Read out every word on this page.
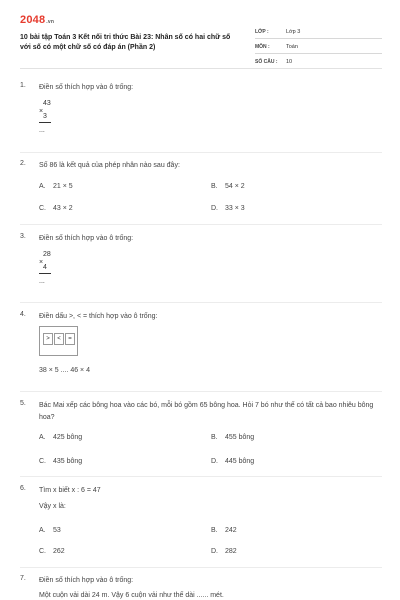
2048.vn
10 bài tập Toán 3 Kết nối tri thức Bài 23: Nhân số có hai chữ số với số có một chữ số có đáp án (Phần 2)
LỚP :	Lớp 3
MÔN :	Toán
SỐ CÂU : 10
1. Điền số thích hợp vào ô trống:
43
×
3
...
2. Số 86 là kết quả của phép nhân nào sau đây:
A. 21 × 5	B. 54 × 2
C. 43 × 2	D. 33 × 3
3. Điền số thích hợp vào ô trống:
28
×
4
...
4. Điền dấu >, < = thích hợp vào ô trống:
>	<	=
38 × 5 .... 46 × 4
5. Bác Mai xếp các bông hoa vào các bó, mỗi bó gồm 65 bông hoa. Hỏi 7 bó như thế có tất cả bao nhiêu bông hoa?
A. 425 bông	B. 455 bông
C. 435 bông	D. 445 bông
6. Tìm x biết x : 6 = 47
Vậy x là:
A. 53	B. 242
C. 262	D. 282
7. Điền số thích hợp vào ô trống:
Một cuộn vải dài 24 m. Vậy 6 cuộn vải như thế dài ...... mét.
